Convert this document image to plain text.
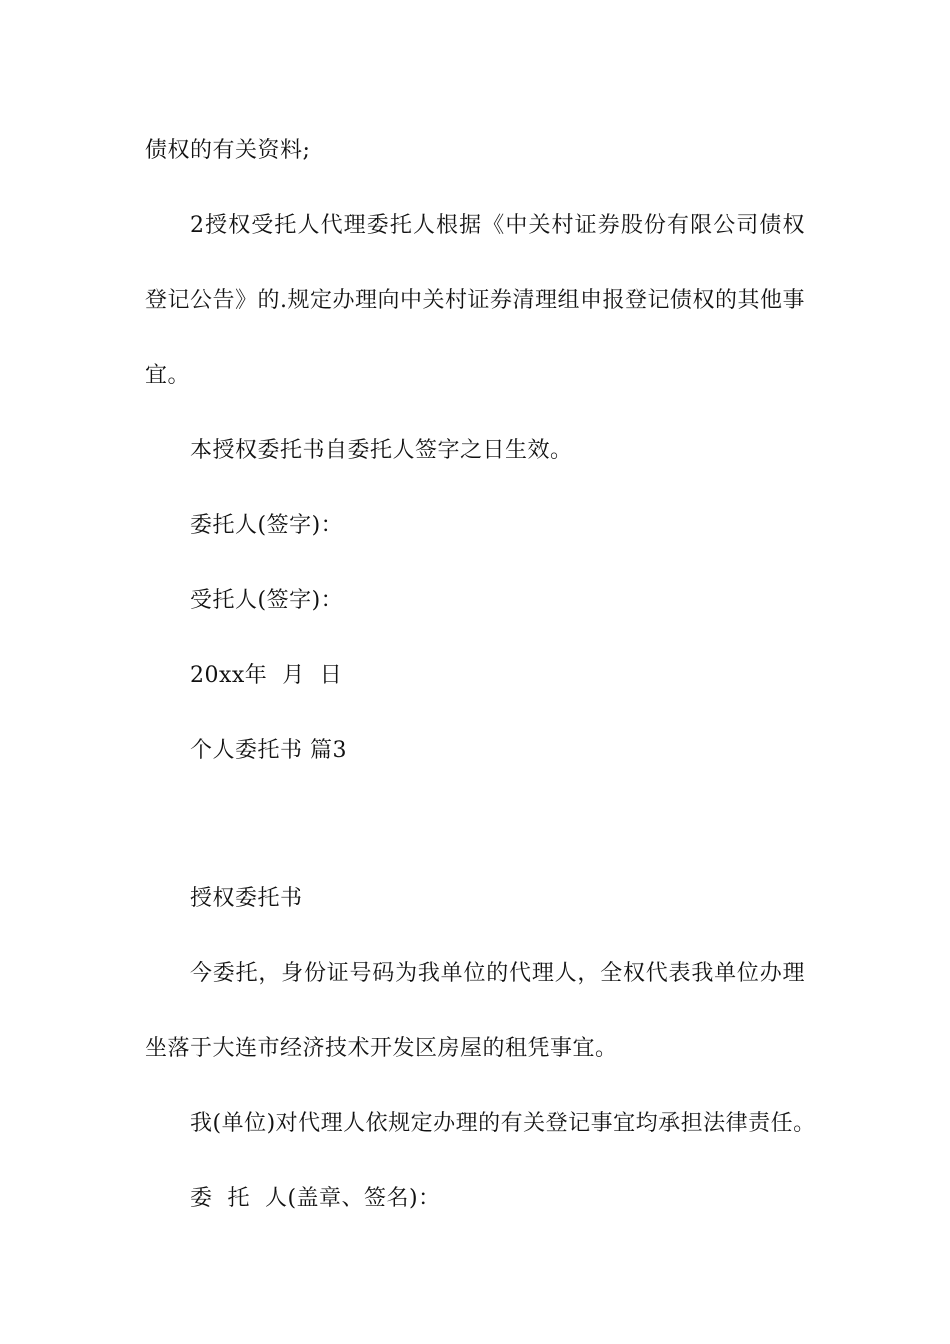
债权的有关资料;
2授权受托人代理委托人根据《中关村证券股份有限公司债权
登记公告》的.规定办理向中关村证券清理组申报登记债权的其他事
宜。
本授权委托书自委托人签字之日生效。
委托人(签字)：
受托人(签字)：
20xx年  月  日
个人委托书 篇3
授权委托书
今委托，身份证号码为我单位的代理人，全权代表我单位办理
坐落于大连市经济技术开发区房屋的租凭事宜。
我(单位)对代理人依规定办理的有关登记事宜均承担法律责任。
委  托  人(盖章、签名)：
